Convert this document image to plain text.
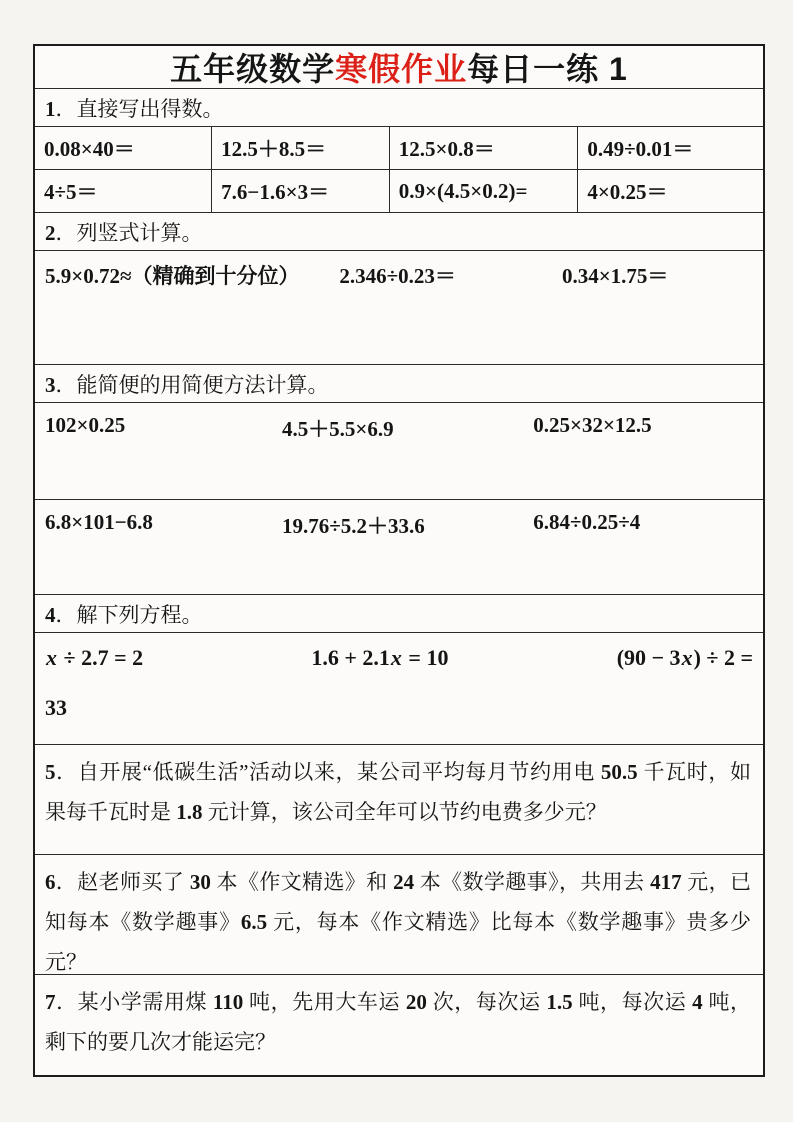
五年级数学 寒假作业 每日一练 1
1．直接写出得数。
0.08×40＝	12.5＋8.5＝	12.5×0.8＝	0.49÷0.01＝
4÷5＝	7.6−1.6×3＝	0.9×(4.5×0.2)=	4×0.25＝
2．列竖式计算。
5.9×0.72≈（精确到十分位）	2.346÷0.23＝	0.34×1.75＝
3．能简便的用简便方法计算。
102×0.25	4.5＋5.5×6.9	0.25×32×12.5
6.8×101−6.8	19.76÷5.2＋33.6	6.84÷0.25÷4
4．解下列方程。
x ÷ 2.7 = 2	1.6 + 2.1x = 10	(90 − 3x) ÷ 2 =
33

5．自开展“低碳生活”活动以来，某公司平均每月节约用电 50.5 千瓦时，如果每千瓦时是 1.8 元计算，该公司全年可以节约电费多少元？

6．赵老师买了 30 本《作文精选》和 24 本《数学趣事》，共用去 417 元，已知每本《数学趣事》6.5 元，每本《作文精选》比每本《数学趣事》贵多少元？

7．某小学需用煤 110 吨，先用大车运 20 次，每次运 1.5 吨，每次运 4 吨，剩下的要几次才能运完？
